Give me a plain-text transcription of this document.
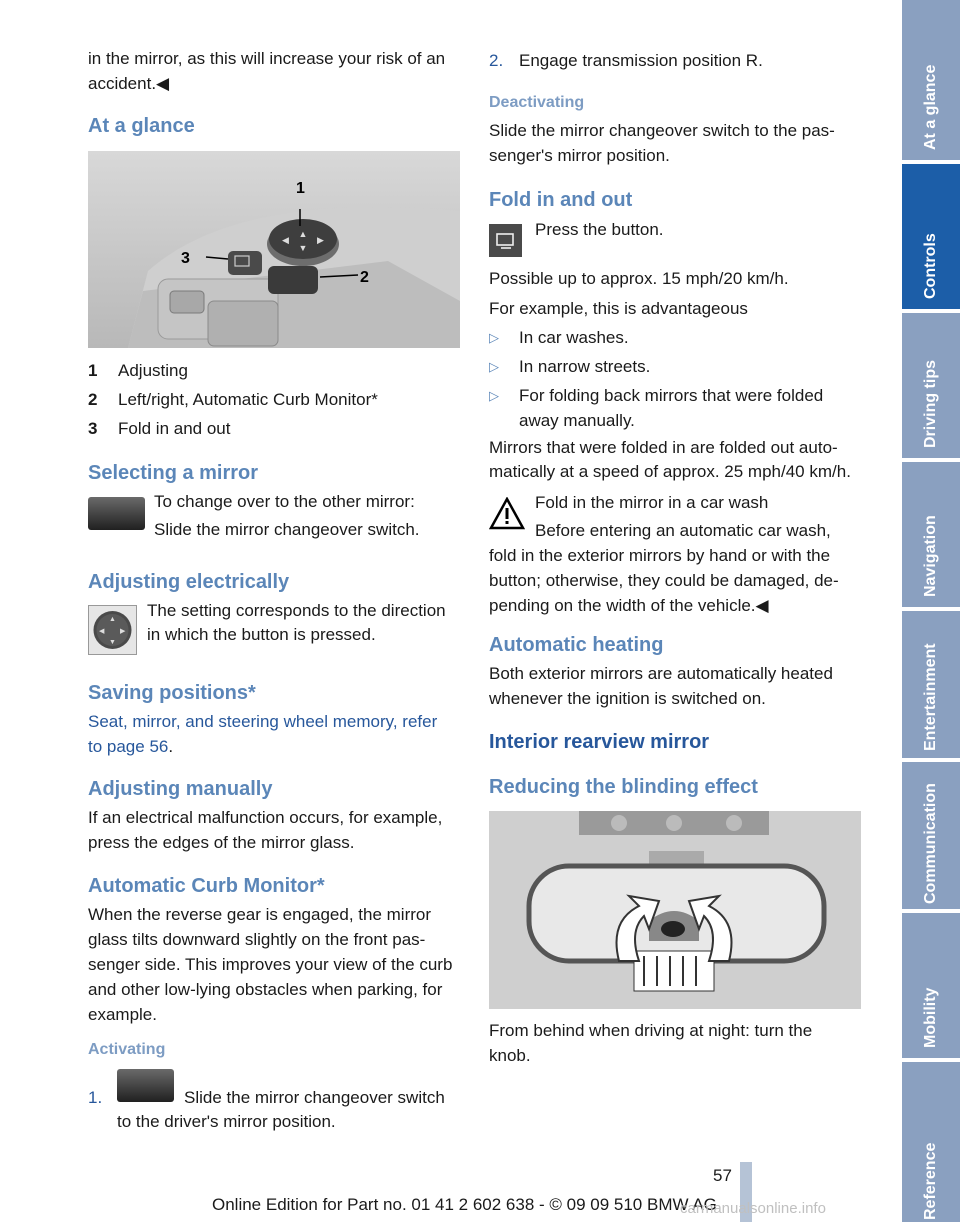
in the mirror, as this will increase your risk of an

accident.◀

At a glance
▲
◀	▶
▼
1
2
3
1 Adjusting
2 Left/right, Automatic Curb Monitor*
3 Fold in and out
Selecting a mirror

To change over to the other mirror:

Slide the mirror changeover switch.

Adjusting electrically
▲
▼
◀ ▶

The setting corresponds to the direction

in which the button is pressed.

Saving positions*

Seat, mirror, and steering wheel memory, refer

to page 56.

Adjusting manually

If an electrical malfunction occurs, for example,

press the edges of the mirror glass.

Automatic Curb Monitor*

When the reverse gear is engaged, the mirror

glass tilts downward slightly on the front pas-

senger side. This improves your view of the curb

and other low-lying obstacles when parking, for

example.

Activating

1.	Slide the mirror changeover switch

to the driver's mirror position.

2. Engage transmission position R.

Deactivating

Slide the mirror changeover switch to the pas-

senger's mirror position.

Fold in and out

Press the button.

Possible up to approx. 15 mph/20 km/h.

For example, this is advantageous

▷	In car washes.
▷	In narrow streets.
▷	For folding back mirrors that were folded
away manually.

Mirrors that were folded in are folded out auto-

matically at a speed of approx. 25 mph/40 km/h.

Fold in the mirror in a car wash

Before entering an automatic car wash,

fold in the exterior mirrors by hand or with the

button; otherwise, they could be damaged, de-

pending on the width of the vehicle.◀

Automatic heating

Both exterior mirrors are automatically heated

whenever the ignition is switched on.

Interior rearview mirror
Reducing the blinding effect

From behind when driving at night: turn the

knob.

At a glance
Controls
Driving tips
Navigation
Entertainment
Communication
Mobility
Reference

57

Online Edition for Part no. 01 41 2 602 638 - © 09 09 510 BMW AG

carmanualsonline.info
